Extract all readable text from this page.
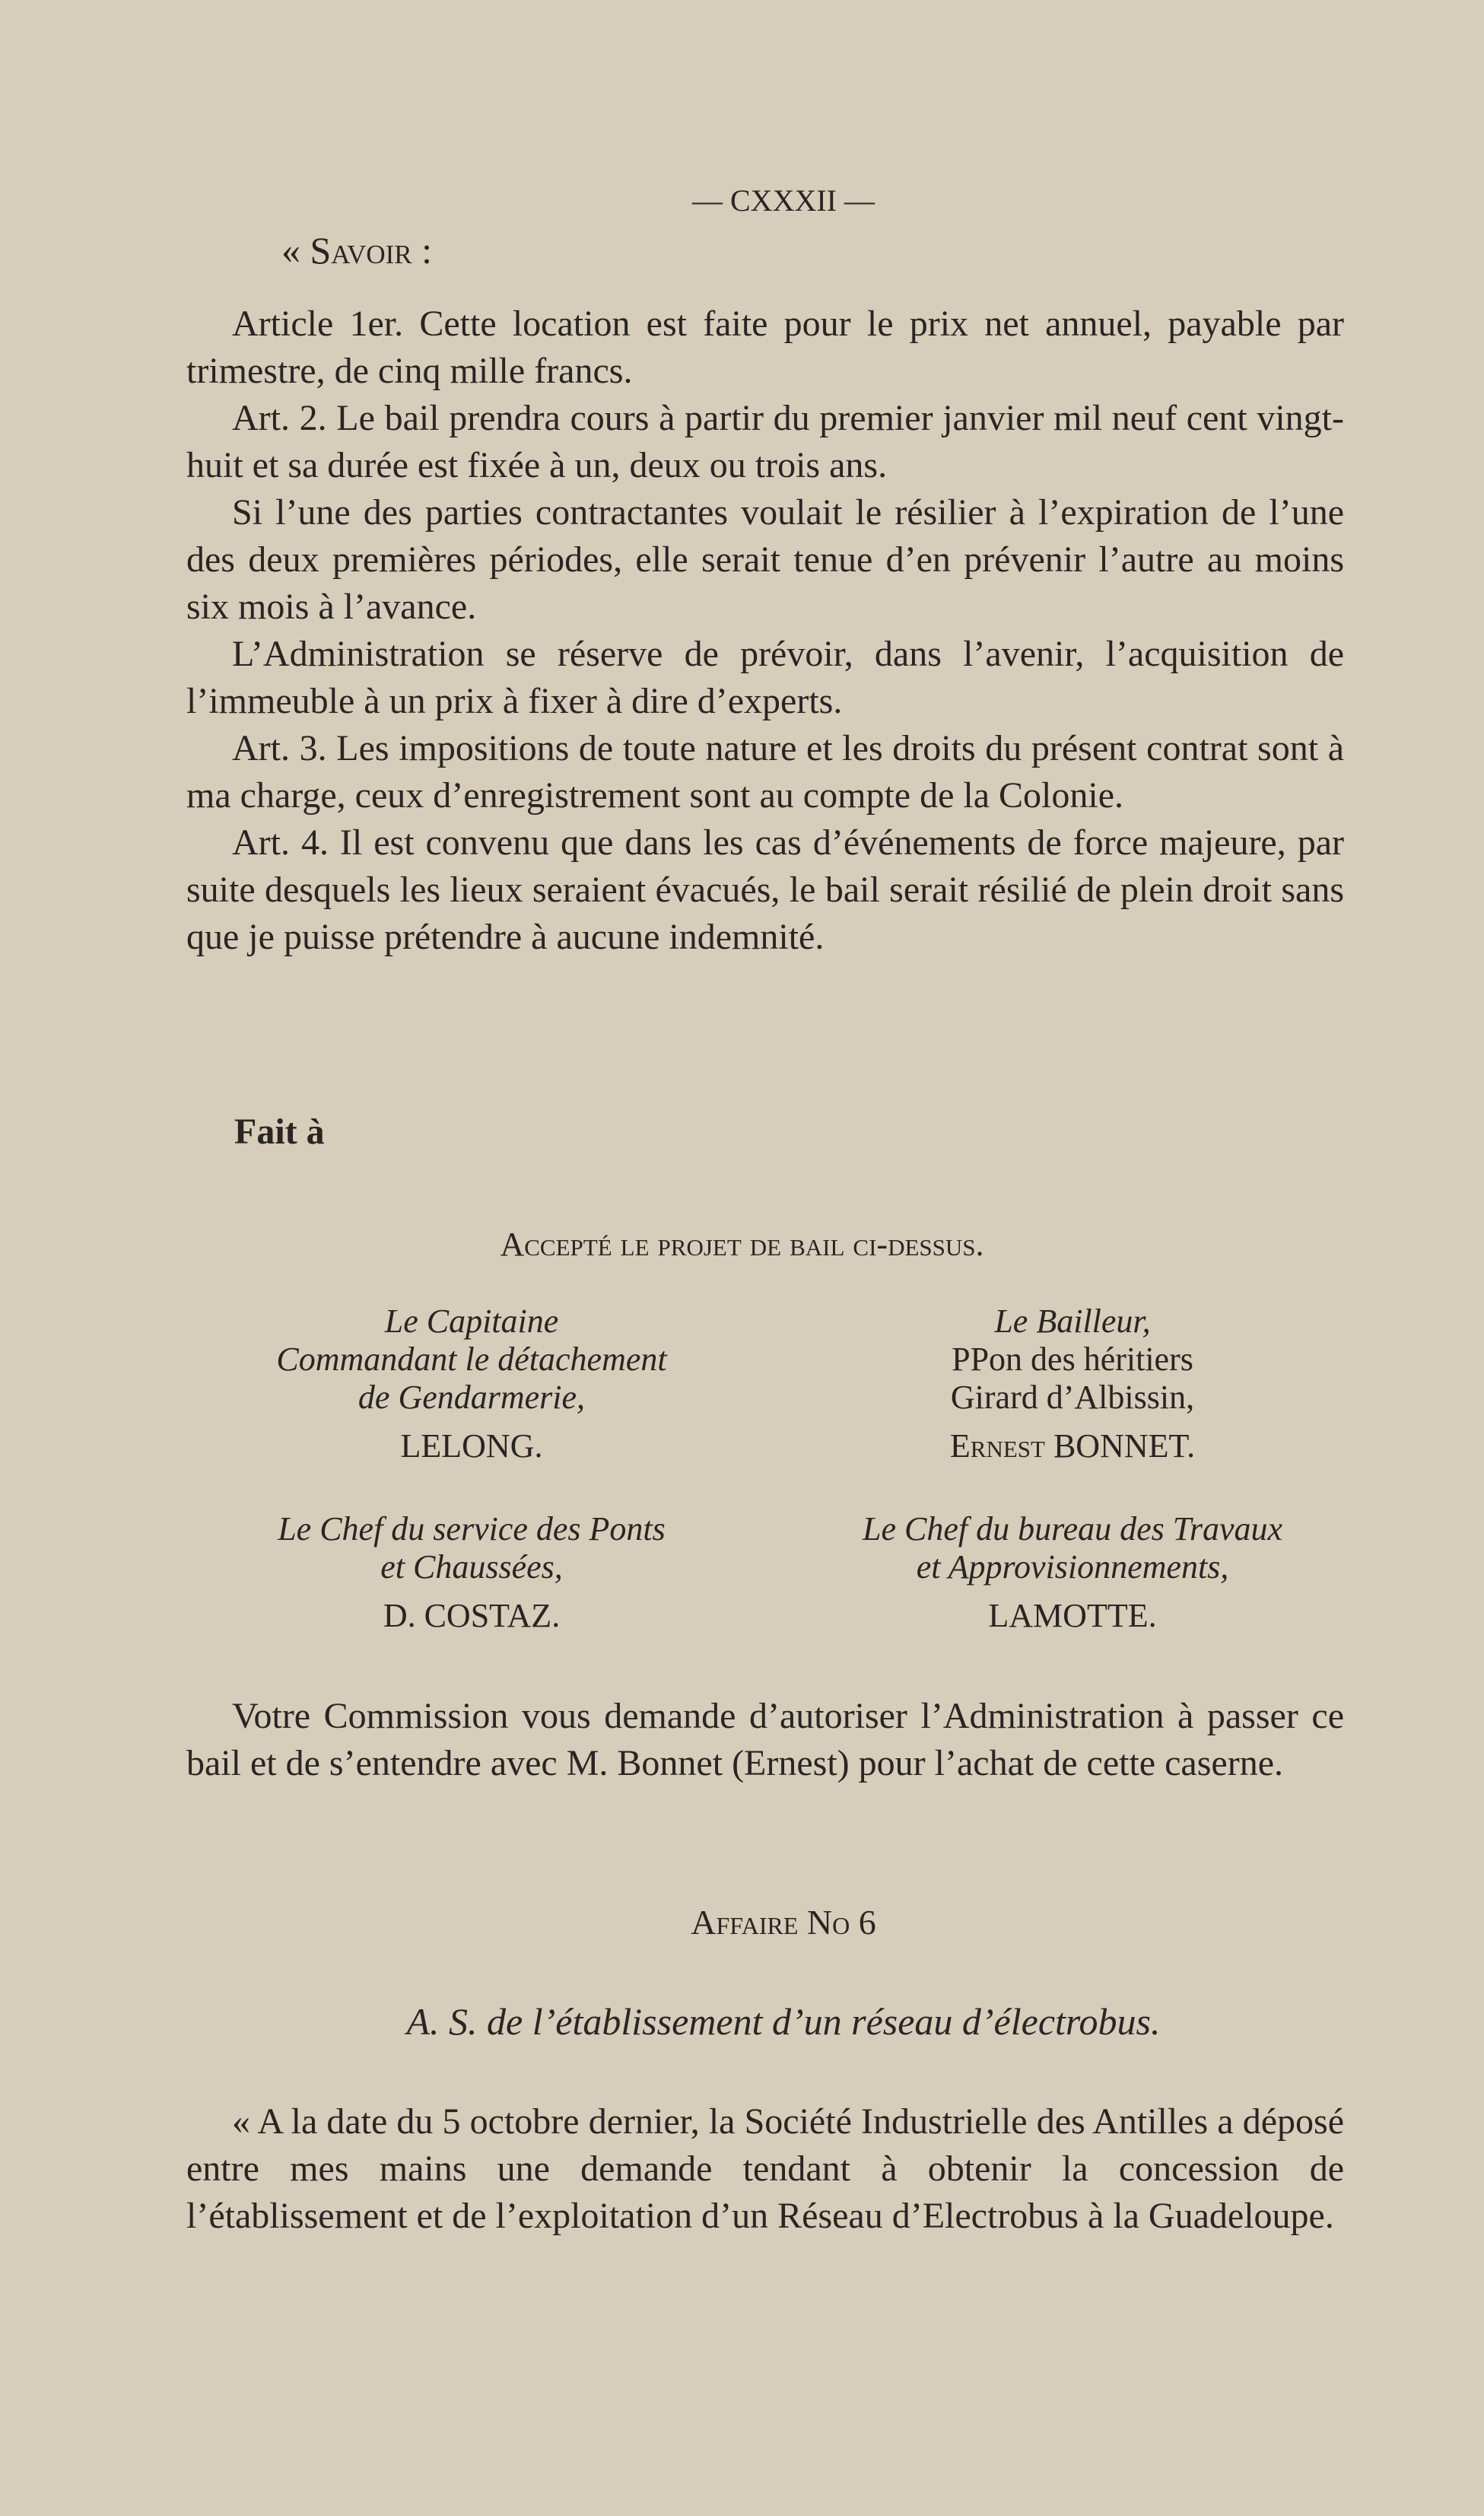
— CXXXII —
« Savoir :

Article 1er. Cette location est faite pour le prix net annuel, payable par trimestre, de cinq mille francs.

Art. 2. Le bail prendra cours à partir du premier janvier mil neuf cent vingt-huit et sa durée est fixée à un, deux ou trois ans.

Si l’une des parties contractantes voulait le résilier à l’expiration de l’une des deux premières périodes, elle serait tenue d’en prévenir l’autre au moins six mois à l’avance.

L’Administration se réserve de prévoir, dans l’avenir, l’acquisition de l’immeuble à un prix à fixer à dire d’experts.

Art. 3. Les impositions de toute nature et les droits du présent contrat sont à ma charge, ceux d’enregistrement sont au compte de la Colonie.

Art. 4. Il est convenu que dans les cas d’événements de force majeure, par suite desquels les lieux seraient évacués, le bail serait résilié de plein droit sans que je puisse prétendre à aucune indemnité.

Fait à
Accepté le projet de bail ci-dessus.
Le Capitaine
Commandant le détachement
de Gendarmerie,
LELONG.
Le Bailleur,
PPon des héritiers
Girard d’Albissin,
Ernest BONNET.
Le Chef du service des Ponts
et Chaussées,
D. COSTAZ.
Le Chef du bureau des Travaux
et Approvisionnements,
LAMOTTE.
Votre Commission vous demande d’autoriser l’Administration à passer ce bail et de s’entendre avec M. Bonnet (Ernest) pour l’achat de cette caserne.
Affaire No 6
A. S. de l’établissement d’un réseau d’électrobus.
« A la date du 5 octobre dernier, la Société Industrielle des Antilles a déposé entre mes mains une demande tendant à obtenir la concession de l’établissement et de l’exploitation d’un Réseau d’Electrobus à la Guadeloupe.
